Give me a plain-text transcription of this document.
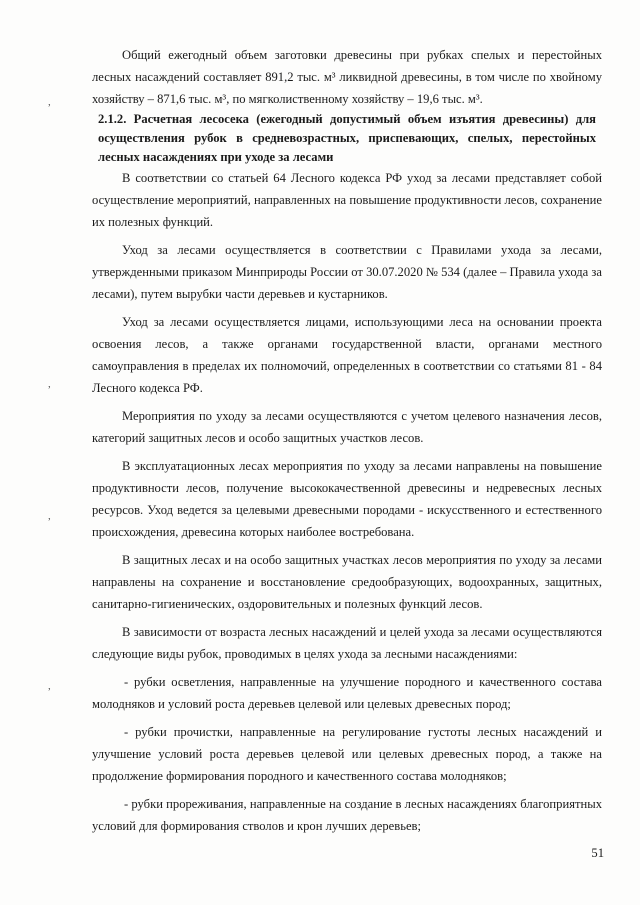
Общий ежегодный объем заготовки древесины при рубках спелых и перестойных лесных насаждений составляет 891,2 тыс. м³ ликвидной древесины, в том числе по хвойному хозяйству – 871,6 тыс. м³, по мягколиственному хозяйству – 19,6 тыс. м³.

2.1.2. Расчетная лесосека (ежегодный допустимый объем изъятия древесины) для осуществления рубок в средневозрастных, приспевающих, спелых, перестойных лесных насаждениях при уходе за лесами

В соответствии со статьей 64 Лесного кодекса РФ уход за лесами представляет собой осуществление мероприятий, направленных на повышение продуктивности лесов, сохранение их полезных функций.

Уход за лесами осуществляется в соответствии с Правилами ухода за лесами, утвержденными приказом Минприроды России от 30.07.2020 № 534 (далее – Правила ухода за лесами), путем вырубки части деревьев и кустарников.

Уход за лесами осуществляется лицами, использующими леса на основании проекта освоения лесов, а также органами государственной власти, органами местного самоуправления в пределах их полномочий, определенных в соответствии со статьями 81 - 84 Лесного кодекса РФ.

Мероприятия по уходу за лесами осуществляются с учетом целевого назначения лесов, категорий защитных лесов и особо защитных участков лесов.

В эксплуатационных лесах мероприятия по уходу за лесами направлены на повышение продуктивности лесов, получение высококачественной древесины и недревесных лесных ресурсов. Уход ведется за целевыми древесными породами - искусственного и естественного происхождения, древесина которых наиболее востребована.

В защитных лесах и на особо защитных участках лесов мероприятия по уходу за лесами направлены на сохранение и восстановление средообразующих, водоохранных, защитных, санитарно-гигиенических, оздоровительных и полезных функций лесов.

В зависимости от возраста лесных насаждений и целей ухода за лесами осуществляются следующие виды рубок, проводимых в целях ухода за лесными насаждениями:

- рубки осветления, направленные на улучшение породного и качественного состава молодняков и условий роста деревьев целевой или целевых древесных пород;

- рубки прочистки, направленные на регулирование густоты лесных насаждений и улучшение условий роста деревьев целевой или целевых древесных пород, а также на продолжение формирования породного и качественного состава молодняков;

- рубки прореживания, направленные на создание в лесных насаждениях благоприятных условий для формирования стволов и крон лучших деревьев;

,
,
,
,
51
